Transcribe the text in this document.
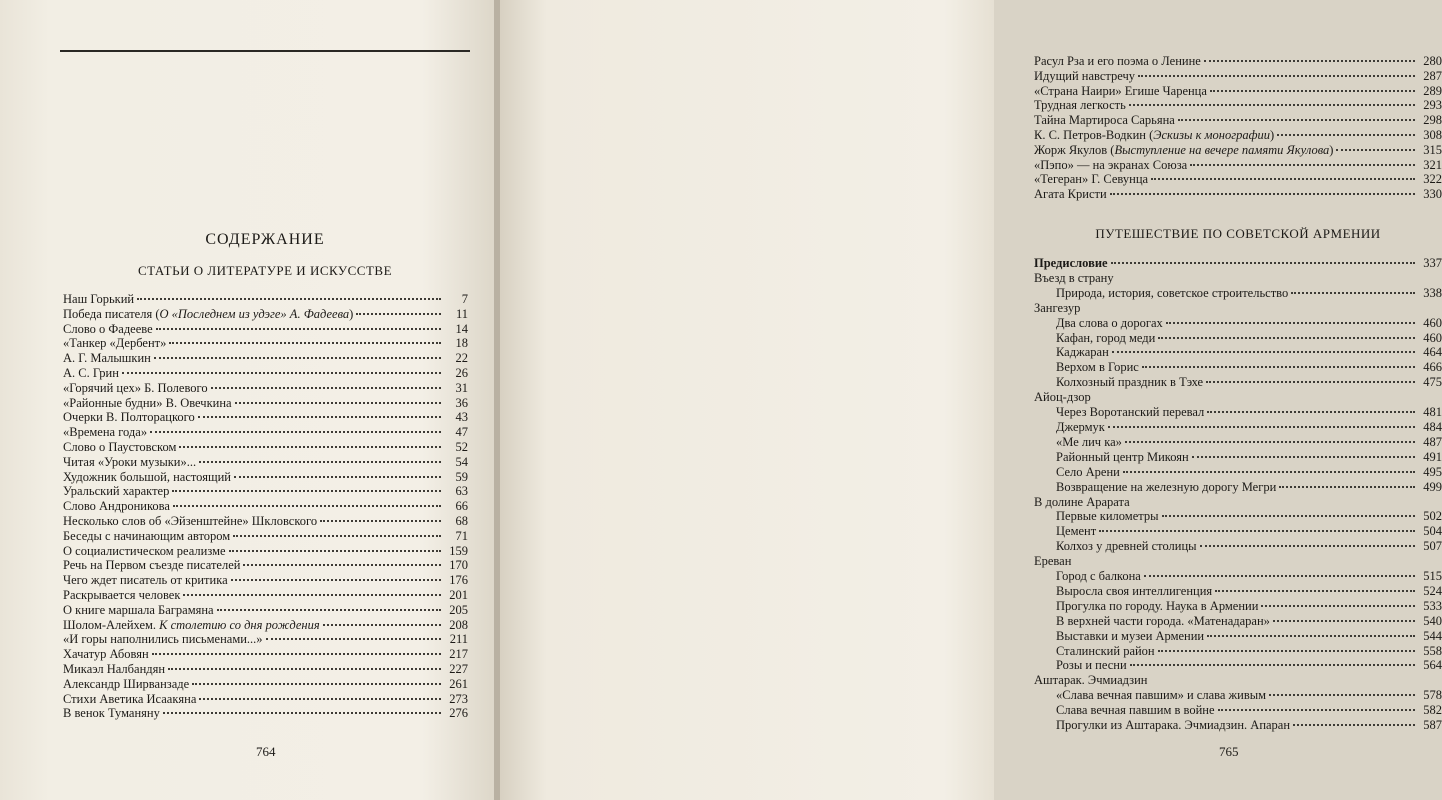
СОДЕРЖАНИЕ
СТАТЬИ О ЛИТЕРАТУРЕ И ИСКУССТВЕ
Наш Горький	7
Победа писателя (О «Последнем из удэге» А. Фадеева)	11
Слово о Фадееве	14
«Танкер «Дербент»	18
А. Г. Малышкин	22
А. С. Грин	26
«Горячий цех» Б. Полевого	31
«Районные будни» В. Овечкина	36
Очерки В. Полторацкого	43
«Времена года»	47
Слово о Паустовском	52
Читая «Уроки музыки»...	54
Художник большой, настоящий	59
Уральский характер	63
Слово Андроникова	66
Несколько слов об «Эйзенштейне» Шкловского	68
Беседы с начинающим автором	71
О социалистическом реализме	159
Речь на Первом съезде писателей	170
Чего ждет писатель от критика	176
Раскрывается человек	201
О книге маршала Баграмяна	205
Шолом-Алейхем. К столетию со дня рождения	208
«И горы наполнились письменами...»	211
Хачатур Абовян	217
Микаэл Налбандян	227
Александр Ширванзаде	261
Стихи Аветика Исаакяна	273
В венок Туманяну	276
764
Расул Рза и его поэма о Ленине	280
Идущий навстречу	287
«Страна Наири» Егише Чаренца	289
Трудная легкость	293
Тайна Мартироса Сарьяна	298
К. С. Петров-Водкин (Эскизы к монографии)	308
Жорж Якулов (Выступление на вечере памяти Якулова)	315
«Пэпо» — на экранах Союза	321
«Тегеран» Г. Севунца	322
Агата Кристи	330
ПУТЕШЕСТВИЕ ПО СОВЕТСКОЙ АРМЕНИИ
Предисловие	337
Въезд в страну
Природа, история, советское строительство	338
Зангезур
Два слова о дорогах	460
Кафан, город меди	460
Каджаран	464
Верхом в Горис	466
Колхозный праздник в Тэхе	475
Айоц-дзор
Через Воротанский перевал	481
Джермук	484
«Ме лич ка»	487
Районный центр Микоян	491
Село Арени	495
Возвращение на железную дорогу Мегри	499
В долине Арарата
Первые километры	502
Цемент	504
Колхоз у древней столицы	507
Ереван
Город с балкона	515
Выросла своя интеллигенция	524
Прогулка по городу. Наука в Армении	533
В верхней части города. «Матенадаран»	540
Выставки и музеи Армении	544
Сталинский район	558
Розы и песни	564
Аштарак. Эчмиадзин
«Слава вечная павшим» и слава живым	578
Слава вечная павшим в войне	582
Прогулки из Аштарака. Эчмиадзин. Апаран	587
765
